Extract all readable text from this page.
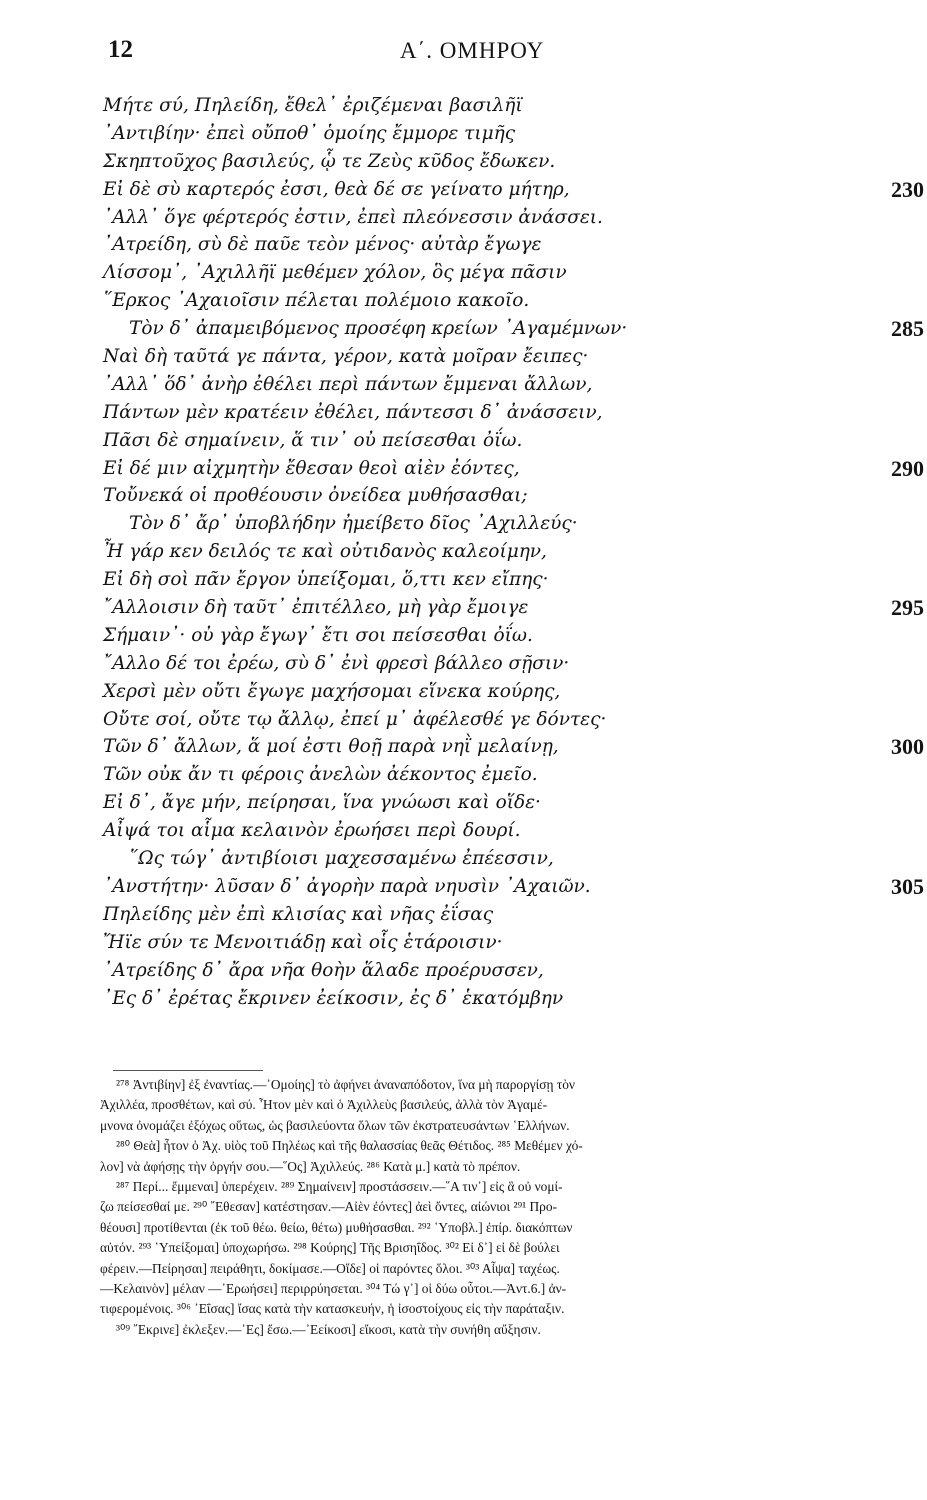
12	Α΄. ΟΜΗΡΟΥ
Μήτε σύ, Πηλείδη, ἔθελ᾽ ἐριζέμεναι βασιλῆϊ
᾽Αντιβίην· ἐπεὶ οὔποθ᾽ ὁμοίης ἔμμορε τιμῆς
Σκηπτοῦχος βασιλεύς, ᾧ τε Ζεὺς κῦδος ἔδωκεν.
Εἰ δὲ σὺ καρτερός ἐσσι, θεὰ δέ σε γείνατο μήτηρ,	230
᾽Αλλ᾽ ὅγε φέρτερός ἐστιν, ἐπεὶ πλεόνεσσιν ἀνάσσει.
᾽Ατρείδη, σὺ δὲ παῦε τεὸν μένος· αὐτὰρ ἔγωγε
Λίσσομ᾽, ᾽Αχιλλῆϊ μεθέμεν χόλον, ὃς μέγα πᾶσιν
῞Ερκος ᾽Αχαιοῖσιν πέλεται πολέμοιο κακοῖο.
Τὸν δ᾽ ἀπαμειβόμενος προσέφη κρείων ᾽Αγαμέμνων·	285
Ναὶ δὴ ταῦτά γε πάντα, γέρον, κατὰ μοῖραν ἔειπες·
᾽Αλλ᾽ ὅδ᾽ ἀνὴρ ἐθέλει περὶ πάντων ἔμμεναι ἄλλων,
Πάντων μὲν κρατέειν ἐθέλει, πάντεσσι δ᾽ ἀνάσσειν,
Πᾶσι δὲ σημαίνειν, ἅ τιν᾽ οὐ πείσεσθαι ὀΐω.
Εἰ δέ μιν αἰχμητὴν ἔθεσαν θεοὶ αἰὲν ἐόντες,	290
Τοὔνεκά οἱ προθέουσιν ὀνείδεα μυθήσασθαι;
Τὸν δ᾽ ἄρ᾽ ὑποβλήδην ἠμείβετο δῖος ᾽Αχιλλεύς·
Ἦ γάρ κεν δειλός τε καὶ οὐτιδανὸς καλεοίμην,
Εἰ δὴ σοὶ πᾶν ἔργον ὑπείξομαι, ὅ,ττι κεν εἴπης·
῎Αλλοισιν δὴ ταῦτ᾽ ἐπιτέλλεο, μὴ γὰρ ἔμοιγε	295
Σήμαιν᾽· οὐ γὰρ ἔγωγ᾽ ἔτι σοι πείσεσθαι ὀΐω.
῎Αλλο δέ τοι ἐρέω, σὺ δ᾽ ἐνὶ φρεσὶ βάλλεο σῇσιν·
Χερσὶ μὲν οὔτι ἔγωγε μαχήσομαι εἵνεκα κούρης,
Οὔτε σοί, οὔτε τῳ ἄλλῳ, ἐπεί μ᾽ ἀφέλεσθέ γε δόντες·
Τῶν δ᾽ ἄλλων, ἅ μοί ἐστι θοῇ παρὰ νηῒ μελαίνῃ,	300
Τῶν οὐκ ἄν τι φέροις ἀνελὼν ἀέκοντος ἐμεῖο.
Εἰ δ᾽, ἄγε μήν, πείρησαι, ἵνα γνώωσι καὶ οἵδε·
Αἶψά τοι αἷμα κελαινὸν ἐρωήσει περὶ δουρί.
῞Ως τώγ᾽ ἀντιβίοισι μαχεσσαμένω ἐπέεσσιν,
᾽Ανστήτην· λῦσαν δ᾽ ἀγορὴν παρὰ νηυσὶν ᾽Αχαιῶν.	305
Πηλείδης μὲν ἐπὶ κλισίας καὶ νῆας ἐΐσας
Ἤϊε σύν τε Μενοιτιάδῃ καὶ οἷς ἑτάροισιν·
᾽Ατρείδης δ᾽ ἄρα νῆα θοὴν ἅλαδε προέρυσσεν,
᾽Ες δ᾽ ἐρέτας ἔκρινεν ἐείκοσιν, ἐς δ᾽ ἑκατόμβην
²⁷⁸ Ἀντιβίην] ἐξ ἐναντίας.—᾽Ομοίης] τὸ ἀφήνει ἀναναπόδοτον, ἵνα μὴ παροργίσῃ τὸν
Ἀχιλλέα, προσθέτων, καὶ σύ. Ἦτον μὲν καὶ ὁ Ἀχιλλεὺς βασιλεύς, ἀλλὰ τὸν Ἀγαμέ-
μνονα ὀνομάζει ἐξόχως οὕτως, ὡς βασιλεύοντα ὅλων τῶν ἐκστρατευσάντων ῾Ελλήνων.
²⁸⁰ Θεὰ] ἦτον ὁ Ἀχ. υἱὸς τοῦ Πηλέως καὶ τῆς θαλασσίας θεᾶς Θέτιδος. ²⁸⁵ Μεθέμεν χό-
λον] νὰ ἀφήσῃς τὴν ὀργήν σου.—῞Ος] Ἀχιλλεύς. ²⁸⁶ Κατὰ μ.] κατὰ τὸ πρέπον.
²⁸⁷ Περί... ἔμμεναι] ὑπερέχειν. ²⁸⁹ Σημαίνειν] προστάσσειν.—῞Α τιν᾽] εἰς ἃ οὐ νομί-
ζω πείσεσθαί με. ²⁹⁰ ῎Εθεσαν] κατέστησαν.—Αἰὲν ἐόντες] ἀεὶ ὄντες, αἰώνιοι ²⁹¹ Προ-
θέουσι] προτίθενται (ἐκ τοῦ θέω. θείω, θέτω) μυθήσασθαι. ²⁹² ῾Υποβλ.] ἐπίρ. διακόπτων
αὐτόν. ²⁹³ ῾Υπείξομαι] ὑποχωρήσω. ²⁹⁸ Κούρης] Τῆς Βρισηΐδος. ³⁰² Εἰ δ᾽] εἰ δὲ βούλει
φέρειν.—Πείρησαι] πειράθητι, δοκίμασε.—Οἵδε] οἱ παρόντες ὅλοι. ³⁰³ Αἶψα] ταχέως.
—Κελαινὸν] μέλαν —᾽Ερωήσει] περιρρύησεται. ³⁰⁴ Τώ γ᾽] οἱ δύω οὗτοι.—Ἀντ.6.] ἀν-
τιφερομένοις. ³⁰⁶ ᾽Εΐσας] ἴσας κατὰ τὴν κατασκευήν, ἡ ἰσοστοίχους εἰς τὴν παράταξιν.
³⁰⁹ ῎Εκρινε] ἐκλεξεν.—᾽Ες] ἔσω.—᾽Εείκοσι] εἴκοσι, κατὰ τὴν συνήθη αὔξησιν.
